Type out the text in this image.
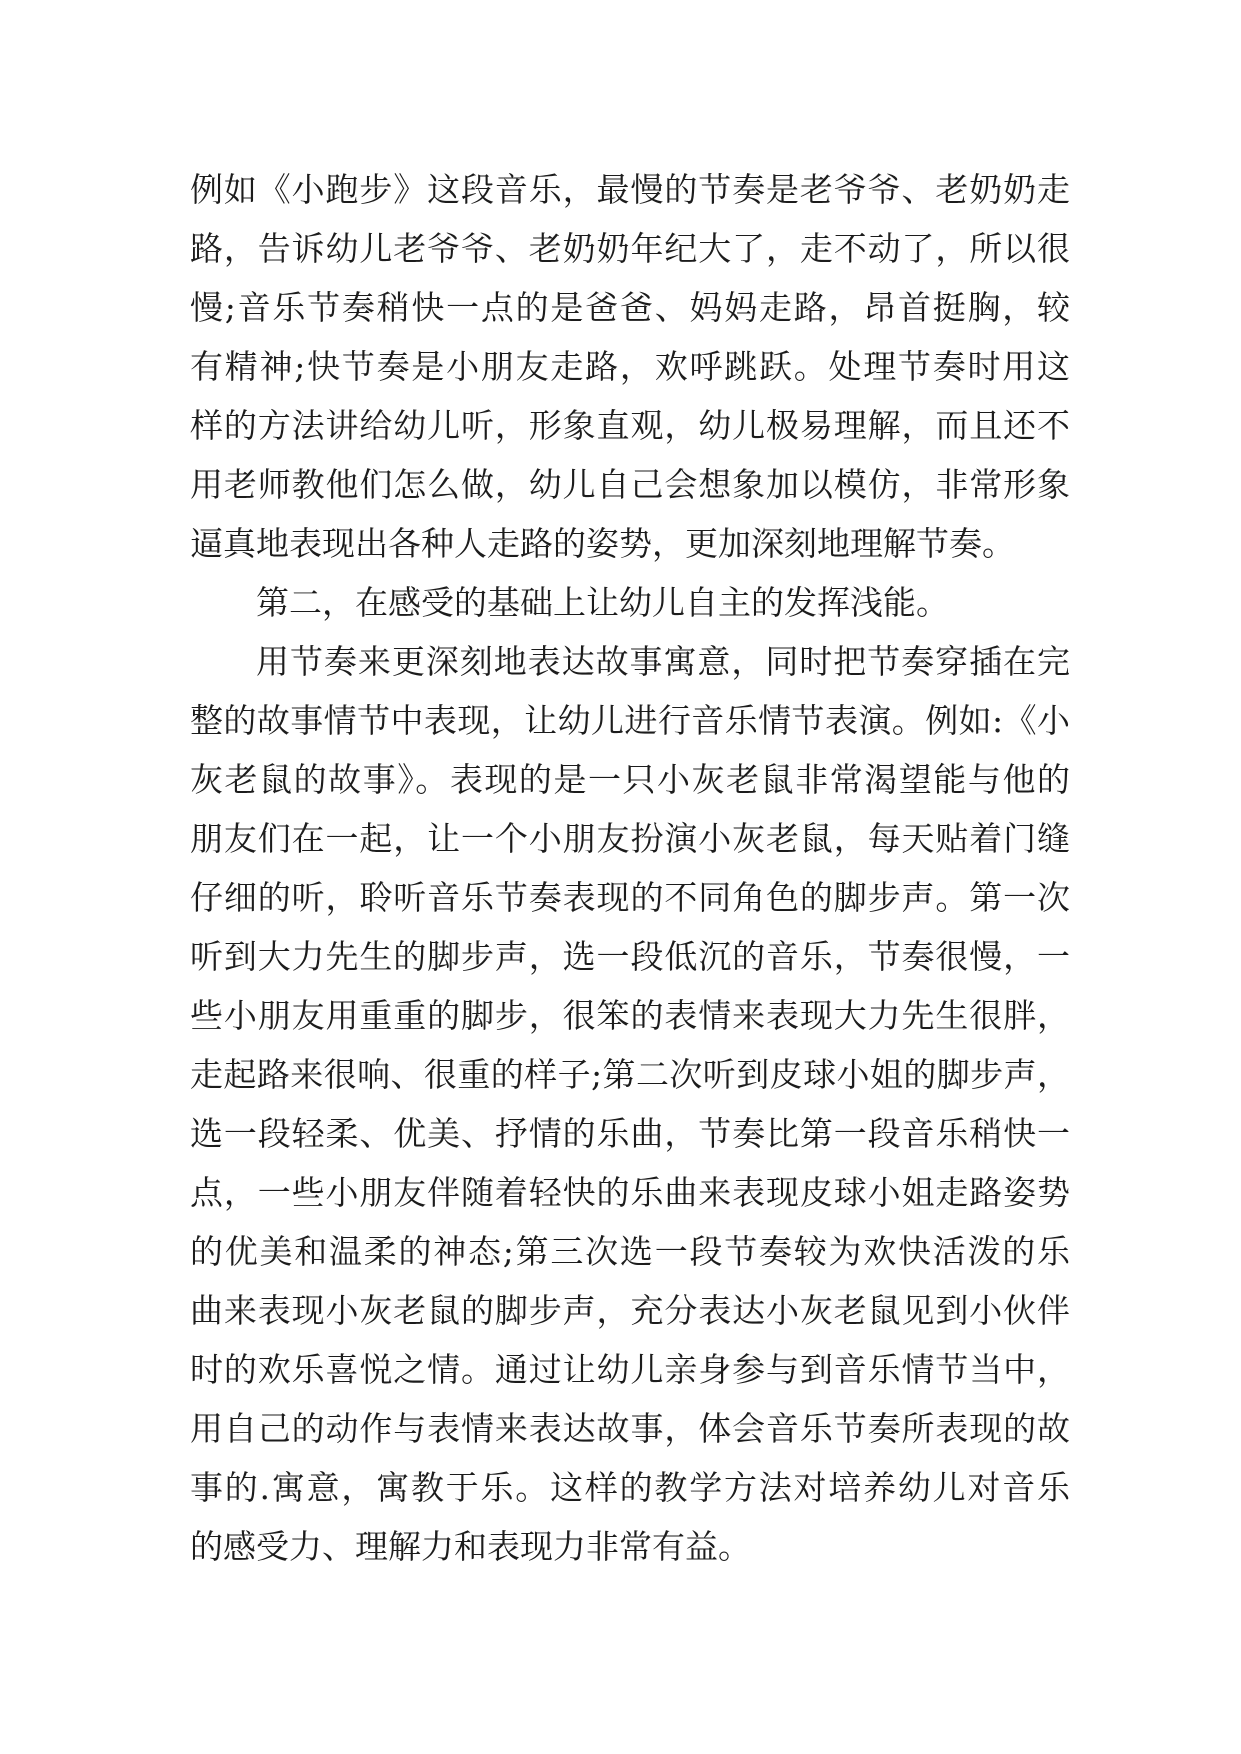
例如《小跑步》这段音乐，最慢的节奏是老爷爷、老奶奶走
路，告诉幼儿老爷爷、老奶奶年纪大了，走不动了，所以很
慢;音乐节奏稍快一点的是爸爸、妈妈走路，昂首挺胸，较
有精神;快节奏是小朋友走路，欢呼跳跃。处理节奏时用这
样的方法讲给幼儿听，形象直观，幼儿极易理解，而且还不
用老师教他们怎么做，幼儿自己会想象加以模仿，非常形象
逼真地表现出各种人走路的姿势，更加深刻地理解节奏。
第二，在感受的基础上让幼儿自主的发挥浅能。
用节奏来更深刻地表达故事寓意，同时把节奏穿插在完
整的故事情节中表现，让幼儿进行音乐情节表演。例如:《小
灰老鼠的故事》。表现的是一只小灰老鼠非常渴望能与他的
朋友们在一起，让一个小朋友扮演小灰老鼠，每天贴着门缝
仔细的听，聆听音乐节奏表现的不同角色的脚步声。第一次
听到大力先生的脚步声，选一段低沉的音乐，节奏很慢，一
些小朋友用重重的脚步，很笨的表情来表现大力先生很胖，
走起路来很响、很重的样子;第二次听到皮球小姐的脚步声，
选一段轻柔、优美、抒情的乐曲，节奏比第一段音乐稍快一
点，一些小朋友伴随着轻快的乐曲来表现皮球小姐走路姿势
的优美和温柔的神态;第三次选一段节奏较为欢快活泼的乐
曲来表现小灰老鼠的脚步声，充分表达小灰老鼠见到小伙伴
时的欢乐喜悦之情。通过让幼儿亲身参与到音乐情节当中，
用自己的动作与表情来表达故事，体会音乐节奏所表现的故
事的.寓意，寓教于乐。这样的教学方法对培养幼儿对音乐
的感受力、理解力和表现力非常有益。
